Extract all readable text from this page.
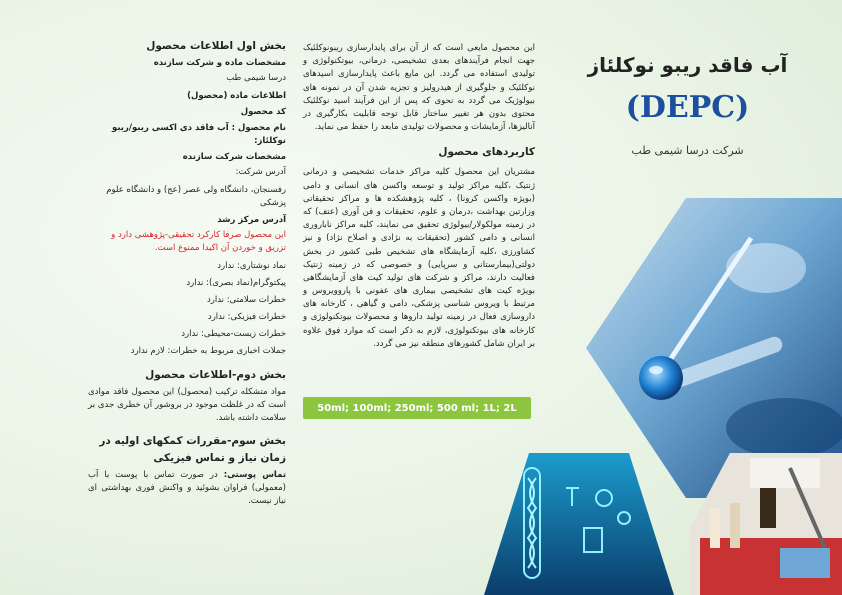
بخش اول اطلاعات محصول
مشخصات ماده و شرکت سازنده
درسا شیمی طب
اطلاعات ماده (محصول)
کد محصول
نام محصول : آب فاقد دی اکسی ریبو/ریبو نوکلئاز:
مشخصات شرکت سازنده
آدرس شرکت:
رفسنجان، دانشگاه ولی عصر (عج) و دانشگاه علوم پزشکی
آدرس مرکز رشد
این محصول صرفا کارکرد تحقیقی-پژوهشی دارد و تزریق و خوردن آن اکیدا ممنوع است.
نماد نوشتاری: ندارد
پیکتوگرام(نماد بصری): ندارد
خطرات سلامتی: ندارد
خطرات فیزیکی: ندارد
خطرات زیست-محیطی: ندارد
جملات اخباری مربوط به خطرات: لازم ندارد
بخش دوم-اطلاعات محصول
مواد متشکله ترکیب (محصول) این محصول فاقد موادی است که در غلظت موجود در بروشور آن خطری جدی بر سلامت داشته باشد.
بخش سوم-مقررات کمکهای اولیه در زمان نیاز و تماس فیزیکی
تماس پوستی: در صورت تماس با پوست با آب (معمولی) فراوان بشوئید و واکنش فوری بهداشتی ای نیاز نیست.
این محصول مایعی است که از آن برای پایدارسازی ریبونوکلئیک جهت انجام فرآیندهای بعدی تشخیصی، درمانی، بیوتکنولوژی و تولیدی استفاده می گردد. این مایع باعث پایدارسازی اسیدهای نوکلئیک و جلوگیری از هیدرولیز و تجزیه شدن آن در نمونه های بیولوژیک می گردد به نحوی که پس از این فرآیند اسید نوکلئیک محتوی بدون هر تغییر ساختار قابل توجه قابلیت بکارگیری در آنالیزها، آزمایشات و محصولات تولیدی مابعد را حفظ می نماید.
کاربردهای محصول
مشتریان این محصول کلیه مراکز خدمات تشخیصی و درمانی ژنتیک ،کلیه مراکز تولید و توسعه واکسن های انسانی و دامی (بویژه واکسن کرونا) ، کلیه پژوهشکده ها و مراکز تحقیقاتی وزارتین بهداشت ،درمان و علوم، تحقیقات و فن آوری (عتف) که در زمینه مولکولار/بیولوژی تحقیق می نمایند، کلیه مراکز ناباروری انسانی و دامی کشور (تحقیقات به نژادی و اصلاح نژاد) و نیز کشاورزی ،کلیه آزمایشگاه های تشخیص طبی کشور در بخش دولتی(بیمارستانی و سرپایی) و خصوصی که در زمینه ژنتیک فعالیت دارند، مراکز و شرکت های تولید کیت های آزمایشگاهی بویژه کیت های تشخیصی بیماری های عفونی با پاروویروس و مرتبط با ویروس شناسی پزشکی، دامی و گیاهی ، کارخانه های داروسازی فعال در زمینه تولید داروها و محصولات بیوتکنولوژی و کارخانه های بیوتکنولوژی، لازم به ذکر است که موارد فوق علاوه بر ایران شامل کشورهای منطقه نیز می گردد.
50ml; 100ml; 250ml; 500 ml; 1L; 2L
آب فاقد ریبو نوکلئاز
(DEPC)
شرکت درسا شیمی طب
